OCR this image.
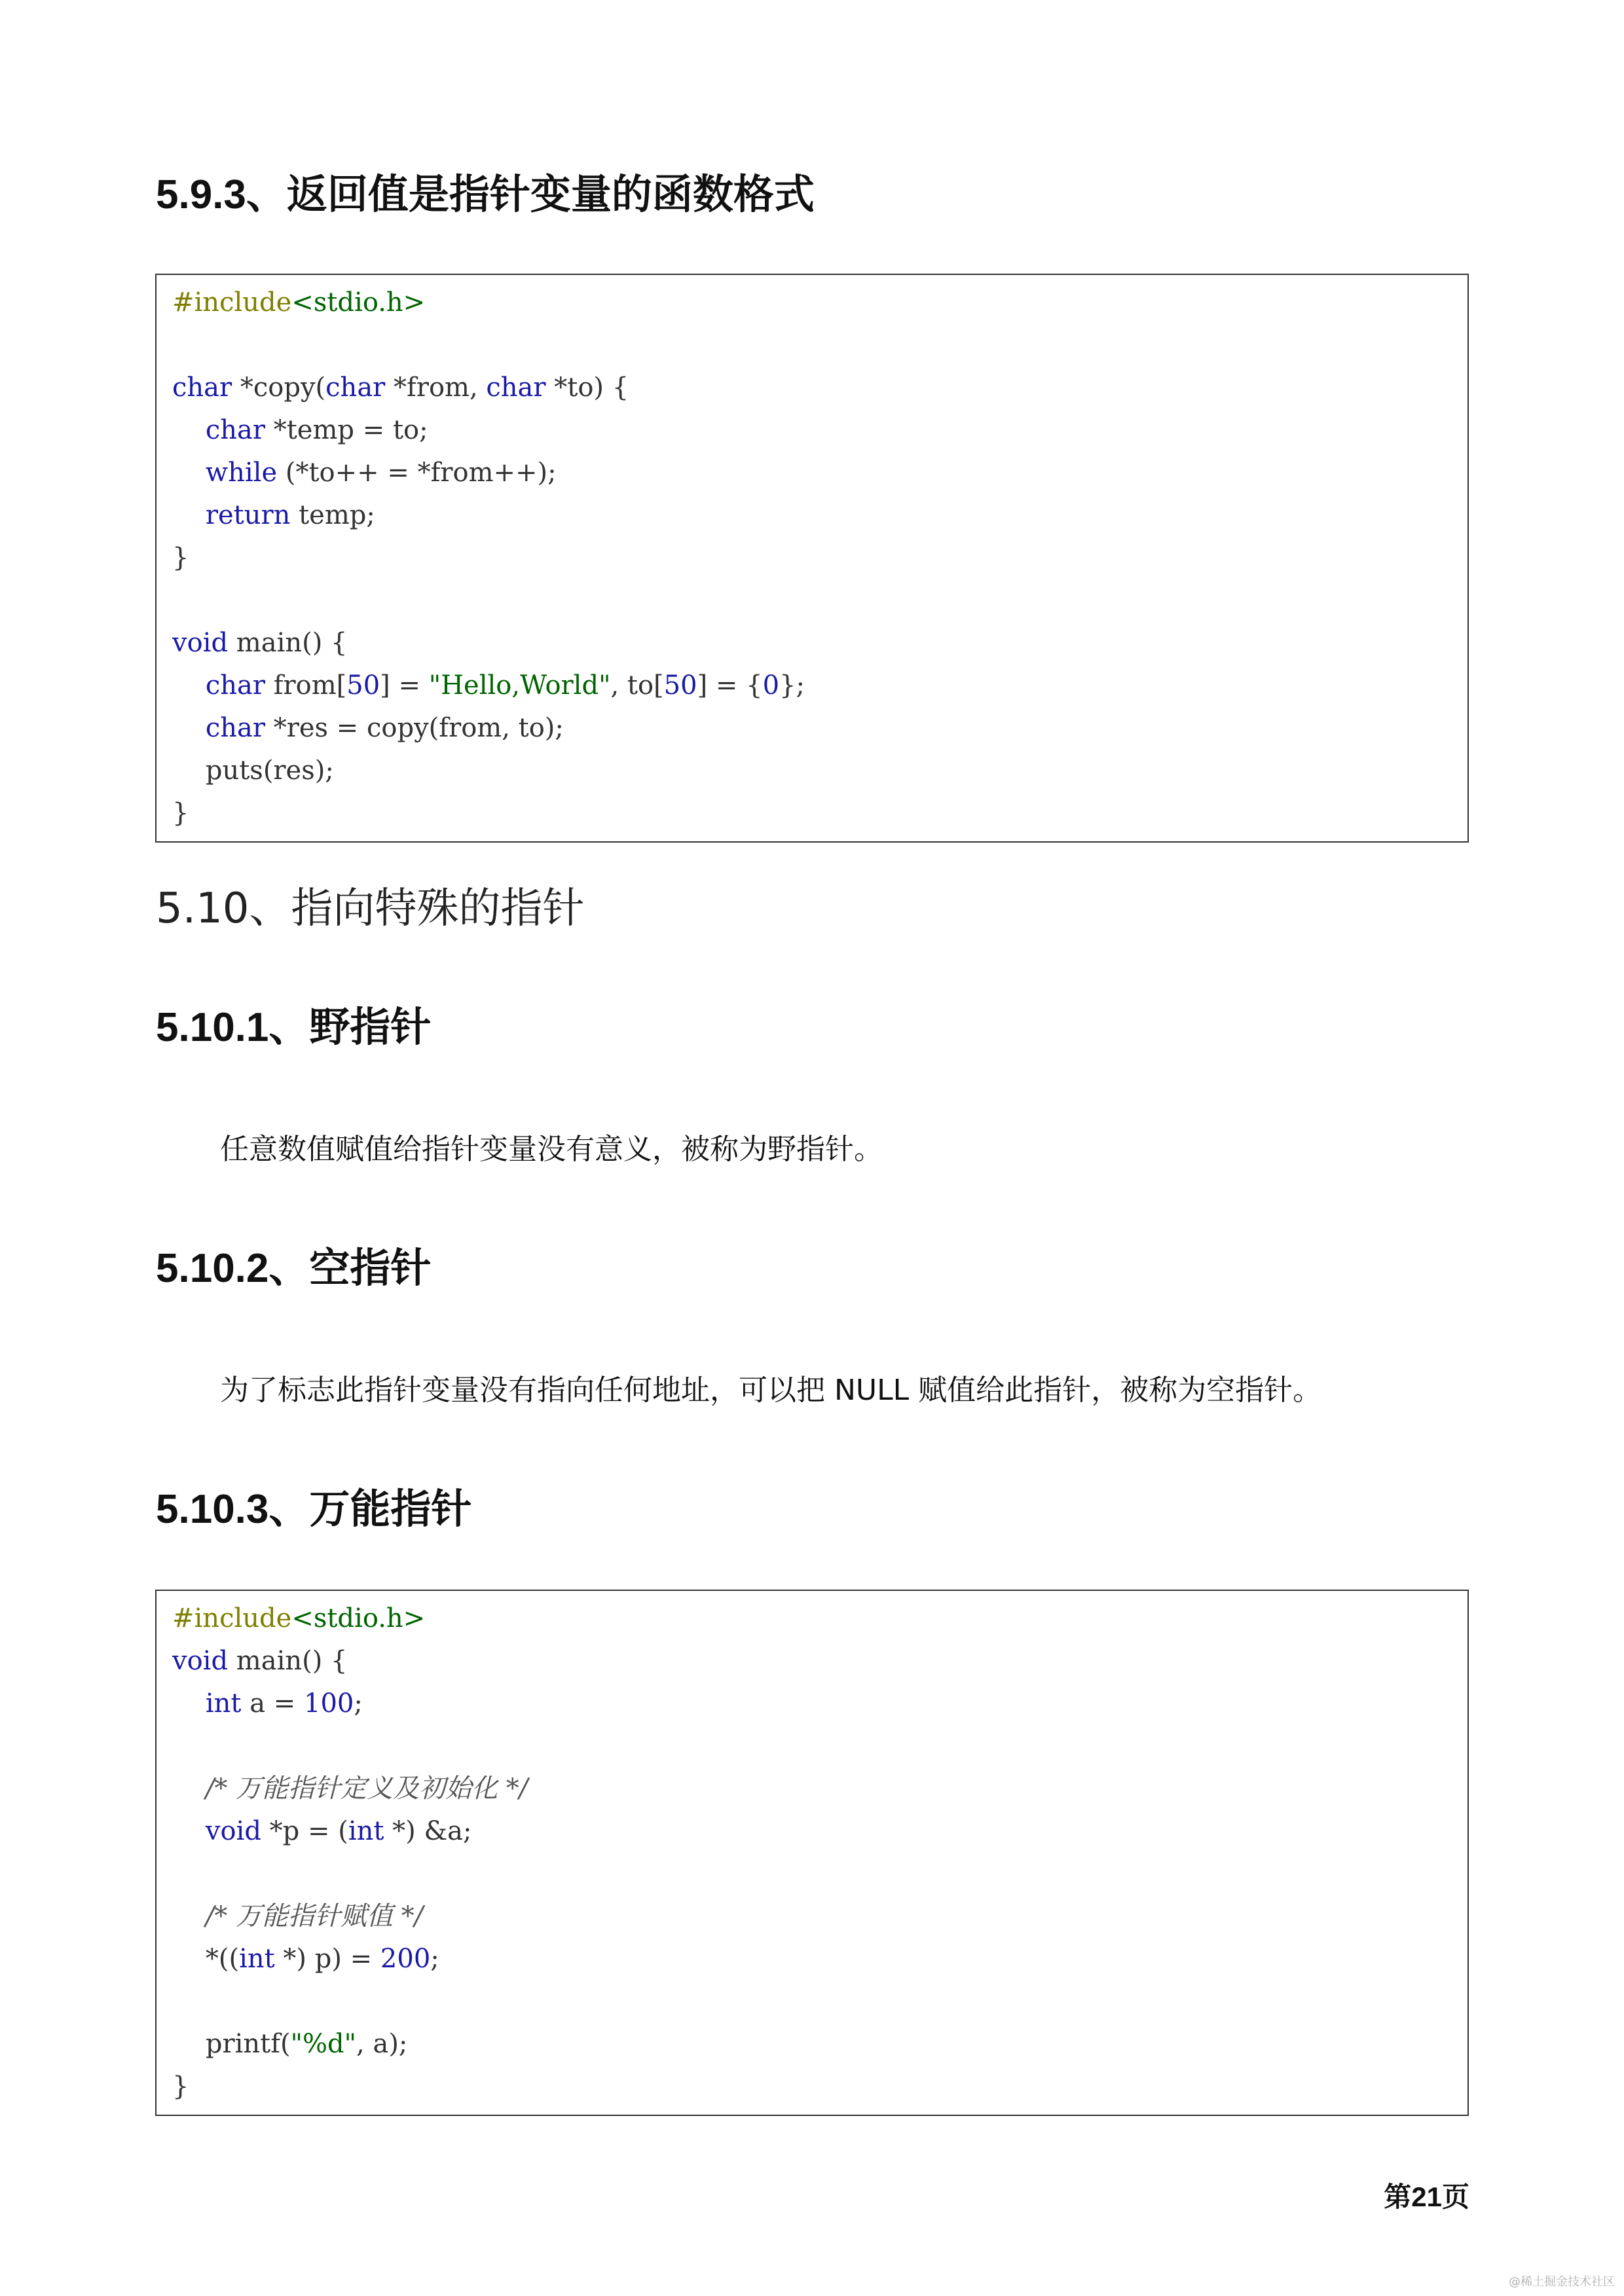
5.9.3、返回值是指针变量的函数格式
#include<stdio.h>
char *copy(char *from, char *to) {
char *temp = to;
while (*to++ = *from++);
return temp;
}
void main() {
char from[50] = "Hello,World", to[50] = {0};
char *res = copy(from, to);
puts(res);
}
5.10、指向特殊的指针
5.10.1、野指针

任意数值赋值给指针变量没有意义，被称为野指针。

5.10.2、空指针

为了标志此指针变量没有指向任何地址，可以把 NULL 赋值给此指针，被称为空指针。

5.10.3、万能指针
#include<stdio.h>
void main() {
int a = 100;
/* 万能指针定义及初始化 */
void *p = (int *) &a;
/* 万能指针赋值 */
*((int *) p) = 200;
printf("%d", a);
}
第21页
@稀土掘金技术社区
